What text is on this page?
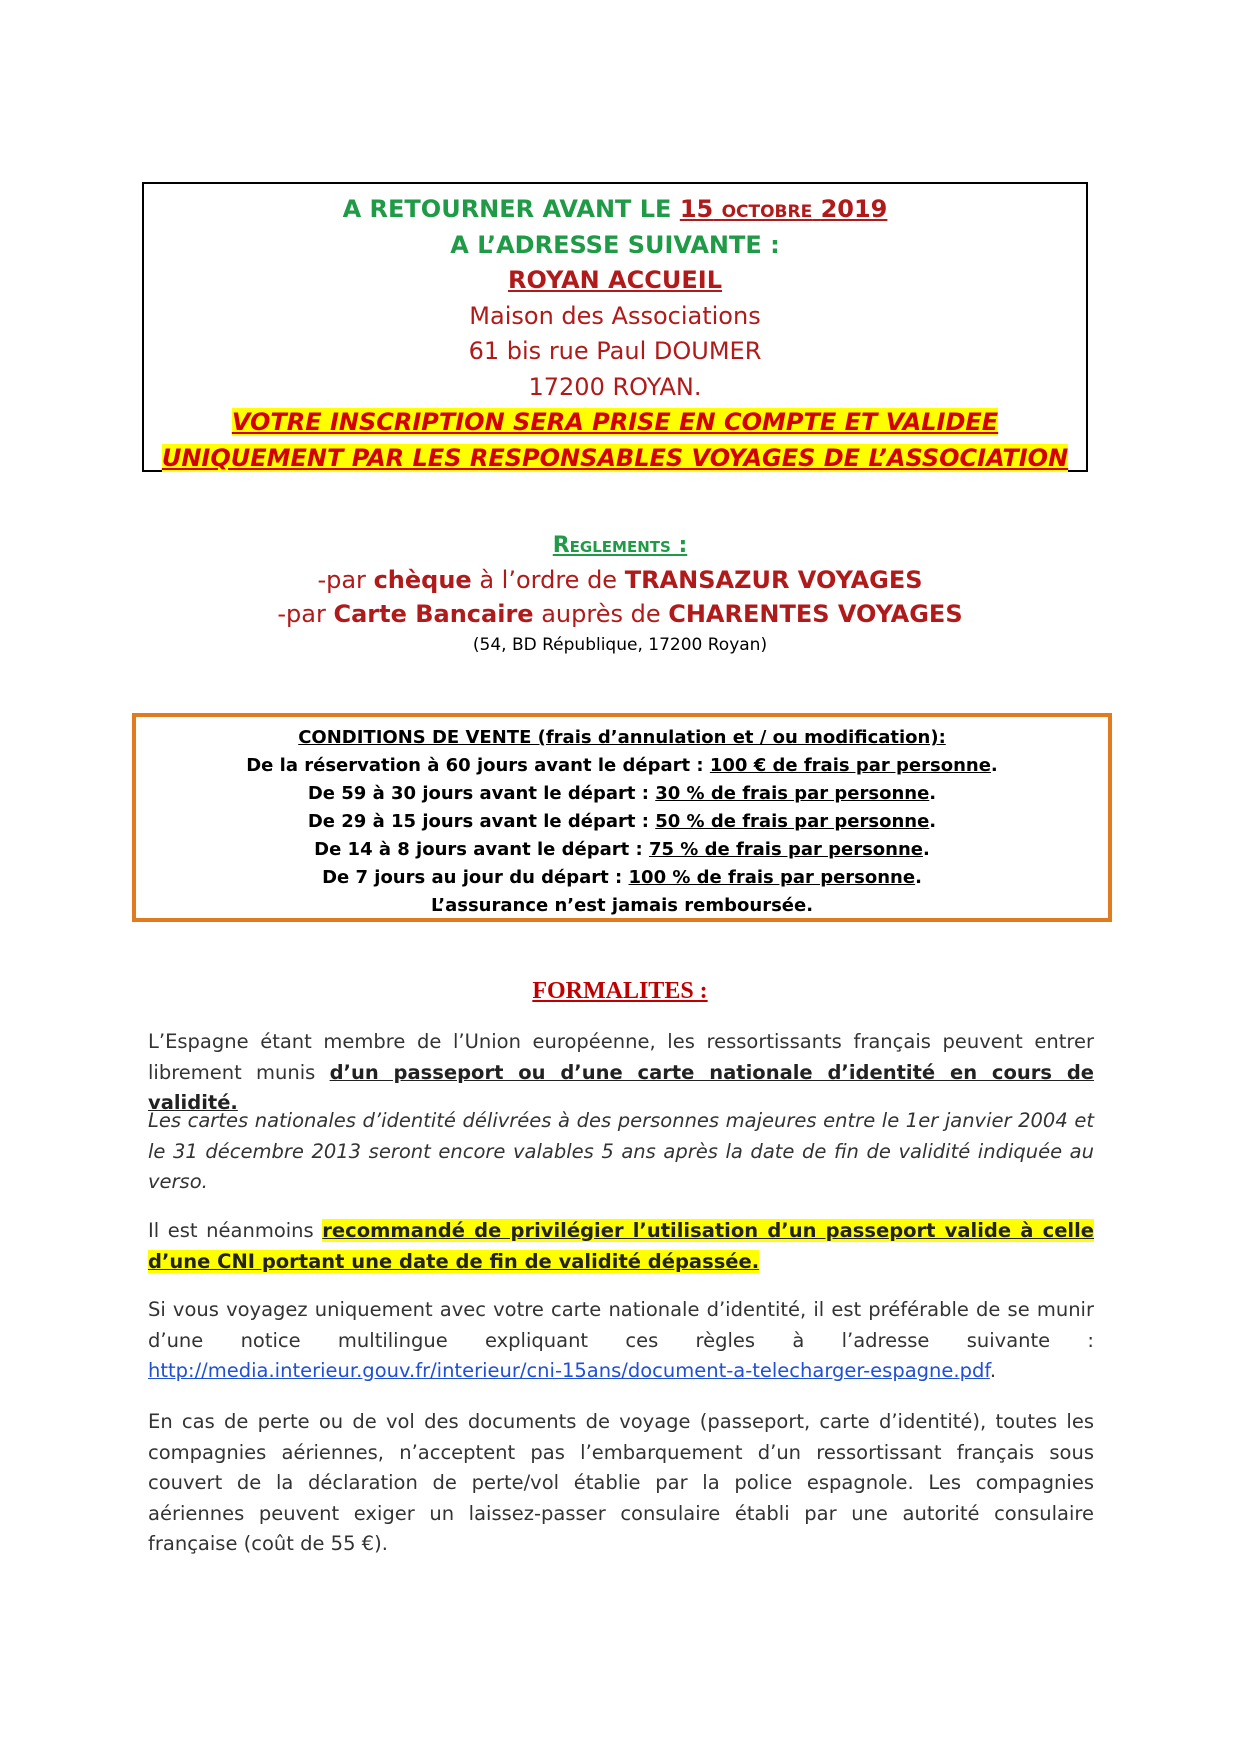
A RETOURNER AVANT LE 15 octobre 2019
A L’ADRESSE SUIVANTE :
ROYAN ACCUEIL
Maison des Associations
61 bis rue Paul DOUMER
17200 ROYAN.
VOTRE INSCRIPTION SERA PRISE EN COMPTE ET VALIDEE
UNIQUEMENT PAR LES RESPONSABLES VOYAGES DE L’ASSOCIATION
Reglements :
-par chèque à l’ordre de TRANSAZUR VOYAGES
-par Carte Bancaire auprès de CHARENTES VOYAGES
(54, BD République, 17200 Royan)
CONDITIONS DE VENTE (frais d’annulation et / ou modification):
De la réservation à 60 jours avant le départ : 100 € de frais par personne.
De 59 à 30 jours avant le départ : 30 % de frais par personne.
De 29 à 15 jours avant le départ : 50 % de frais par personne.
De 14 à 8 jours avant le départ : 75 % de frais par personne.
De 7 jours au jour du départ : 100 % de frais par personne.
L’assurance n’est jamais remboursée.
FORMALITES :
L’Espagne étant membre de l’Union européenne, les ressortissants français peuvent entrer librement munis d’un passeport ou d’une carte nationale d’identité en cours de validité.
Les cartes nationales d’identité délivrées à des personnes majeures entre le 1er janvier 2004 et le 31 décembre 2013 seront encore valables 5 ans après la date de fin de validité indiquée au verso.
Il est néanmoins recommandé de privilégier l’utilisation d’un passeport valide à celle d’une CNI portant une date de fin de validité dépassée.
Si vous voyagez uniquement avec votre carte nationale d’identité, il est préférable de se munir d’une notice multilingue expliquant ces règles à l’adresse suivante : http://media.interieur.gouv.fr/interieur/cni-15ans/document-a-telecharger-espagne.pdf.
En cas de perte ou de vol des documents de voyage (passeport, carte d’identité), toutes les compagnies aériennes, n’acceptent pas l’embarquement d’un ressortissant français sous couvert de la déclaration de perte/vol établie par la police espagnole. Les compagnies aériennes peuvent exiger un laissez-passer consulaire établi par une autorité consulaire française (coût de 55 €).
